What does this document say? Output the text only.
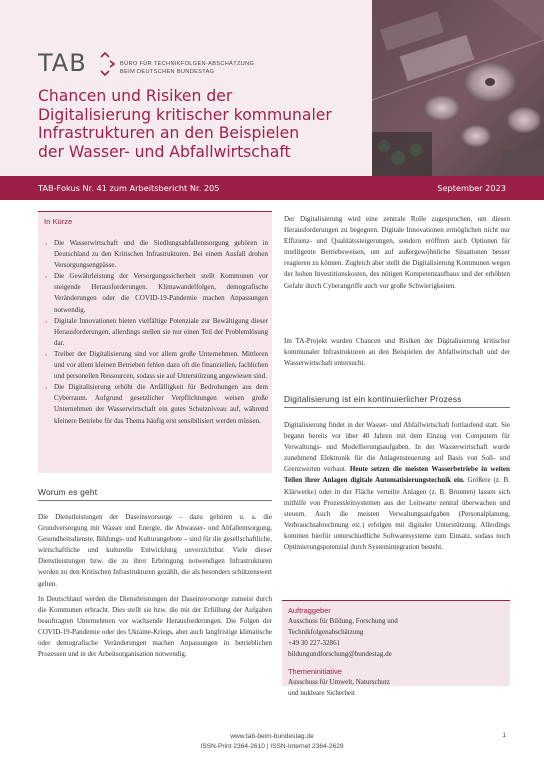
TAB	BÜRO FÜR TECHNIKFOLGEN-ABSCHÄTZUNG
BEIM DEUTSCHEN BUNDESTAG
Chancen und Risiken der
Digitalisierung kritischer kommunaler
Infrastrukturen an den Beispielen
der Wasser- und Abfallwirtschaft
TAB-Fokus Nr. 41 zum Arbeitsbericht Nr. 205	September 2023
In Kürze
› Die Wasserwirtschaft und die Siedlungsabfallentsorgung gehören in Deutschland zu den Kritischen Infrastrukturen. Bei einem Ausfall drohen Versorgungsengpässe.
› Die Gewährleistung der Versorgungssicherheit stellt Kommunen vor steigende Herausforderungen. Klimawandelfolgen, demografische Veränderungen oder die COVID-19-Pandemie machen Anpassungen notwendig.
› Digitale Innovationen bieten vielfältige Potenziale zur Bewältigung dieser Herausforderungen, allerdings stellen sie nur einen Teil der Problemlösung dar.
› Treiber der Digitalisierung sind vor allem große Unternehmen. Mittleren und vor allem kleinen Betrieben fehlen dazu oft die finanziellen, fachlichen und personellen Ressourcen, sodass sie auf Unterstützung angewiesen sind.
› Die Digitalisierung erhöht die Anfälligkeit für Bedrohungen aus dem Cyberraum. Aufgrund gesetzlicher Verpflichtungen weisen große Unternehmen der Wasserwirtschaft ein gutes Schutzniveau auf, während kleinere Betriebe für das Thema häufig erst sensibilisiert werden müssen.
Worum es geht

Die Dienstleistungen der Daseinsvorsorge – dazu gehören u. a. die Grundversorgung mit Wasser und Energie, die Abwasser- und Abfallentsorgung, Gesundheitsdienste, Bildungs- und Kulturangebote – sind für die gesellschaftliche, wirtschaftliche und kulturelle Entwicklung unverzichtbar. Viele dieser Dienstleistungen bzw. die zu ihrer Erbringung notwendigen Infrastrukturen werden zu den Kritischen Infrastrukturen gezählt, die als besonders schützenswert gelten.

In Deutschland werden die Dienstleistungen der Daseinsvorsorge zumeist durch die Kommunen erbracht. Dies stellt sie bzw. die mit der Erfüllung der Aufgaben beauftragten Unternehmen vor wachsende Herausforderungen. Die Folgen der COVID-19-Pandemie oder des Ukraine-Kriegs, aber auch langfristige klimatische oder demografische Veränderungen machen Anpassungen in betrieblichen Prozessen und in der Arbeitsorganisation notwendig.

Der Digitalisierung wird eine zentrale Rolle zugesprochen, um diesen Herausforderungen zu begegnen. Digitale Innovationen ermöglichen nicht nur Effizienz- und Qualitätssteigerungen, sondern eröffnen auch Optionen für intelligente Betriebsweisen, um auf außergewöhnliche Situationen besser reagieren zu können. Zugleich aber stellt die Digitalisierung Kommunen wegen der hohen Investitionskosten, des nötigen Kompetenzaufbaus und der erhöhten Gefahr durch Cyberangriffe auch vor große Schwierigkeiten.

Im TA-Projekt wurden Chancen und Risiken der Digitalisierung kritischer kommunaler Infrastrukturen an den Beispielen der Abfallwirtschaft und der Wasserwirtschaft untersucht.

Digitalisierung ist ein kontinuierlicher Prozess

Digitalisierung findet in der Wasser- und Abfallwirtschaft fortlaufend statt. Sie begann bereits vor über 40 Jahren mit dem Einzug von Computern für Verwaltungs- und Modellierungsaufgaben. In der Wasserwirtschaft wurde zunehmend Elektronik für die Anlagensteuerung auf Basis von Soll- und Grenzwerten verbaut. Heute setzen die meisten Wasserbetriebe in weiten Teilen ihrer Anlagen digitale Automatisierungstechnik ein. Größere (z. B. Klärwerke) oder in der Fläche verteilte Anlagen (z. B. Brunnen) lassen sich mithilfe von Prozessleitsystemen aus der Leitwarte zentral überwachen und steuern. Auch die meisten Verwaltungsaufgaben (Personalplanung, Verbrauchsabrechnung etc.) erfolgen mit digitaler Unterstützung. Allerdings kommen hierfür unterschiedliche Softwaresysteme zum Einsatz, sodass noch Optimierungspotenzial durch Systemintegration besteht.

Auftraggeber
Ausschuss für Bildung, Forschung und
Technikfolgenabschätzung
+49 30 227-32861
bildungundforschung@bundestag.de
Themeninitiative
Ausschuss für Umwelt, Naturschutz
und nukleare Sicherheit
www.tab-beim-bundestag.de
ISSN-Print 2364-2610 | ISSN-Internet 2364-2629
1
